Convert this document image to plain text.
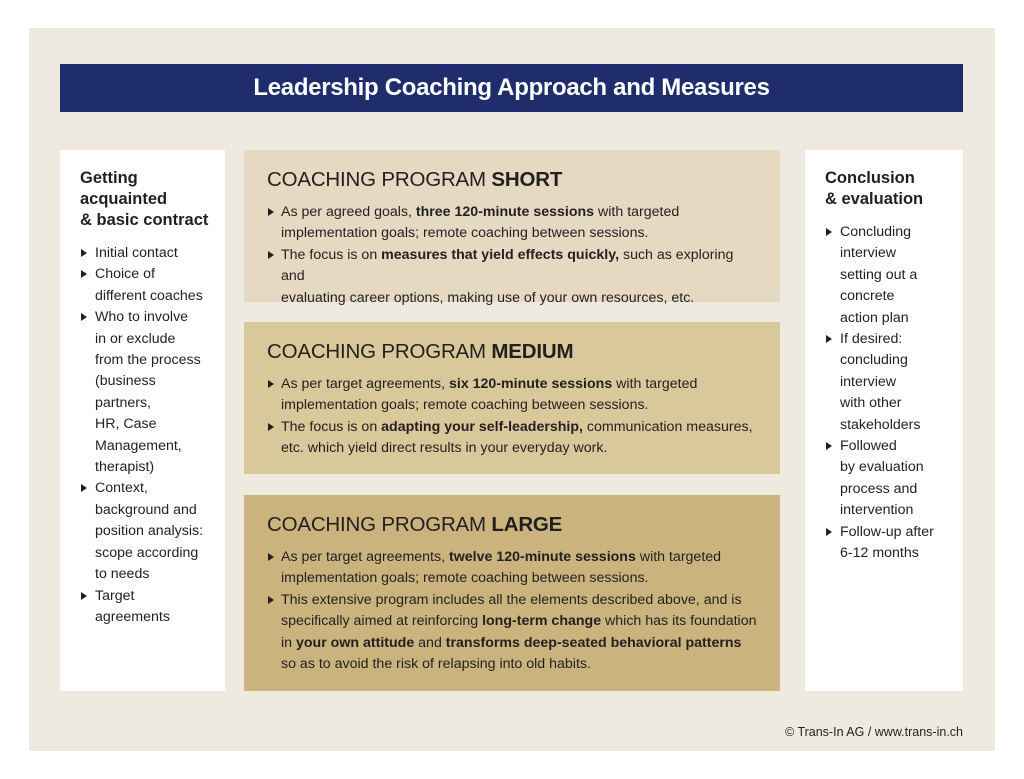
Leadership Coaching Approach and Measures
Getting
acquainted
& basic contract
Initial contact
Choice of
different coaches
Who to involve
in or exclude
from the process
(business partners,
HR, Case
Management,
therapist)
Context,
background and
position analysis:
scope according
to needs
Target
agreements
Conclusion
& evaluation
Concluding
interview
setting out a
concrete
action plan
If desired:
concluding
interview
with other
stakeholders
Followed
by evaluation
process and
intervention
Follow-up after
6-12 months
COACHING PROGRAM SHORT
As per agreed goals, three 120-minute sessions with targeted
implementation goals; remote coaching between sessions.
The focus is on measures that yield effects quickly, such as exploring and
evaluating career options, making use of your own resources, etc.
COACHING PROGRAM MEDIUM
As per target agreements, six 120-minute sessions with targeted
implementation goals; remote coaching between sessions.
The focus is on adapting your self-leadership, communication measures,
etc. which yield direct results in your everyday work.
COACHING PROGRAM LARGE
As per target agreements, twelve 120-minute sessions with targeted
implementation goals; remote coaching between sessions.
This extensive program includes all the elements described above, and is
specifically aimed at reinforcing long-term change which has its foundation
in your own attitude and transforms deep-seated behavioral patterns
so as to avoid the risk of relapsing into old habits.
© Trans-In AG / www.trans-in.ch
